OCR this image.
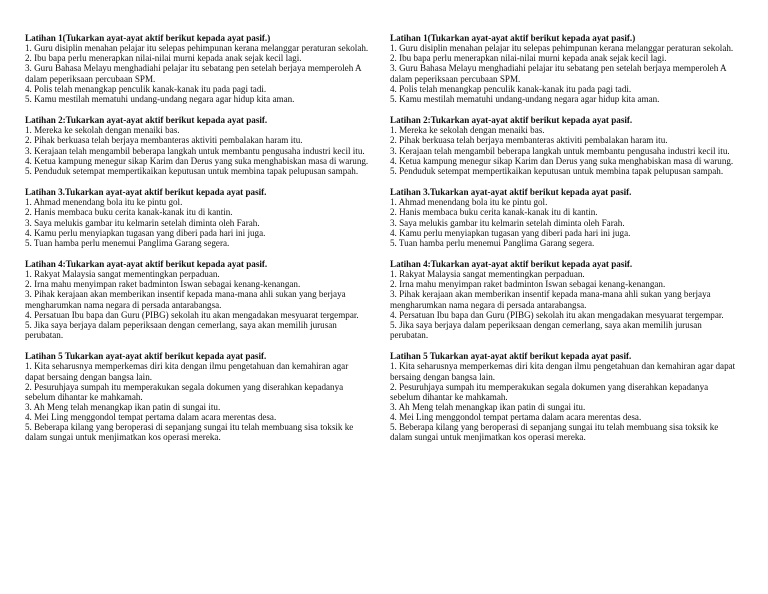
Latihan 1(Tukarkan ayat-ayat aktif berikut kepada ayat pasif.)
1. Guru disiplin menahan pelajar itu selepas pehimpunan kerana melanggar peraturan sekolah.
2. Ibu bapa perlu menerapkan nilai-nilai murni kepada anak sejak kecil lagi.
3. Guru Bahasa Melayu menghadiahi pelajar itu sebatang pen setelah berjaya memperoleh A dalam peperiksaan percubaan SPM.
4. Polis telah menangkap penculik kanak-kanak itu pada pagi tadi.
5. Kamu mestilah mematuhi undang-undang negara agar hidup kita aman.
Latihan 2:Tukarkan ayat-ayat aktif berikut kepada ayat pasif.
1. Mereka ke sekolah dengan menaiki bas.
2. Pihak berkuasa telah berjaya membanteras aktiviti pembalakan haram itu.
3. Kerajaan telah mengambil beberapa langkah untuk membantu pengusaha industri kecil itu.
4. Ketua kampung menegur sikap Karim dan Derus yang suka menghabiskan masa di warung.
5. Penduduk setempat mempertikaikan keputusan untuk membina tapak pelupusan sampah.
Latihan 3.Tukarkan ayat-ayat aktif berikut kepada ayat pasif.
1. Ahmad menendang bola itu ke pintu gol.
2. Hanis membaca buku cerita kanak-kanak itu di kantin.
3. Saya melukis gambar itu kelmarin setelah diminta oleh Farah.
4. Kamu perlu menyiapkan tugasan yang diberi pada hari ini juga.
5. Tuan hamba perlu menemui Panglima Garang segera.
Latihan 4:Tukarkan ayat-ayat aktif berikut kepada ayat pasif.
1. Rakyat Malaysia sangat mementingkan perpaduan.
2. Irna mahu menyimpan raket badminton Iswan sebagai kenang-kenangan.
3. Pihak kerajaan akan memberikan insentif kepada mana-mana ahli sukan yang berjaya mengharumkan nama negara di persada antarabangsa.
4. Persatuan Ibu bapa dan Guru (PIBG) sekolah itu akan mengadakan mesyuarat tergempar.
5. Jika saya berjaya dalam peperiksaan dengan cemerlang, saya akan memilih jurusan perubatan.
Latihan 5 Tukarkan ayat-ayat aktif berikut kepada ayat pasif.
1. Kita seharusnya memperkemas diri kita dengan ilmu pengetahuan dan kemahiran agar dapat bersaing dengan bangsa lain.
2. Pesuruhjaya sumpah itu memperakukan segala dokumen yang diserahkan kepadanya sebelum dihantar ke mahkamah.
3. Ah Meng telah menangkap ikan patin di sungai itu.
4. Mei Ling menggondol tempat pertama dalam acara merentas desa.
5. Beberapa kilang yang beroperasi di sepanjang sungai itu telah membuang sisa toksik ke dalam sungai untuk menjimatkan kos operasi mereka.
Latihan 1(Tukarkan ayat-ayat aktif berikut kepada ayat pasif.)
1. Guru disiplin menahan pelajar itu selepas pehimpunan kerana melanggar peraturan sekolah.
2. Ibu bapa perlu menerapkan nilai-nilai murni kepada anak sejak kecil lagi.
3. Guru Bahasa Melayu menghadiahi pelajar itu sebatang pen setelah berjaya memperoleh A dalam peperiksaan percubaan SPM.
4. Polis telah menangkap penculik kanak-kanak itu pada pagi tadi.
5. Kamu mestilah mematuhi undang-undang negara agar hidup kita aman.
Latihan 2:Tukarkan ayat-ayat aktif berikut kepada ayat pasif.
1. Mereka ke sekolah dengan menaiki bas.
2. Pihak berkuasa telah berjaya membanteras aktiviti pembalakan haram itu.
3. Kerajaan telah mengambil beberapa langkah untuk membantu pengusaha industri kecil itu.
4. Ketua kampung menegur sikap Karim dan Derus yang suka menghabiskan masa di warung.
5. Penduduk setempat mempertikaikan keputusan untuk membina tapak pelupusan sampah.
Latihan 3.Tukarkan ayat-ayat aktif berikut kepada ayat pasif.
1. Ahmad menendang bola itu ke pintu gol.
2. Hanis membaca buku cerita kanak-kanak itu di kantin.
3. Saya melukis gambar itu kelmarin setelah diminta oleh Farah.
4. Kamu perlu menyiapkan tugasan yang diberi pada hari ini juga.
5. Tuan hamba perlu menemui Panglima Garang segera.
Latihan 4:Tukarkan ayat-ayat aktif berikut kepada ayat pasif.
1. Rakyat Malaysia sangat mementingkan perpaduan.
2. Irna mahu menyimpan raket badminton Iswan sebagai kenang-kenangan.
3. Pihak kerajaan akan memberikan insentif kepada mana-mana ahli sukan yang berjaya mengharumkan nama negara di persada antarabangsa.
4. Persatuan Ibu bapa dan Guru (PIBG) sekolah itu akan mengadakan mesyuarat tergempar.
5. Jika saya berjaya dalam peperiksaan dengan cemerlang, saya akan memilih jurusan perubatan.
Latihan 5 Tukarkan ayat-ayat aktif berikut kepada ayat pasif.
1. Kita seharusnya memperkemas diri kita dengan ilmu pengetahuan dan kemahiran agar dapat bersaing dengan bangsa lain.
2. Pesuruhjaya sumpah itu memperakukan segala dokumen yang diserahkan kepadanya sebelum dihantar ke mahkamah.
3. Ah Meng telah menangkap ikan patin di sungai itu.
4. Mei Ling menggondol tempat pertama dalam acara merentas desa.
5. Beberapa kilang yang beroperasi di sepanjang sungai itu telah membuang sisa toksik ke dalam sungai untuk menjimatkan kos operasi mereka.
